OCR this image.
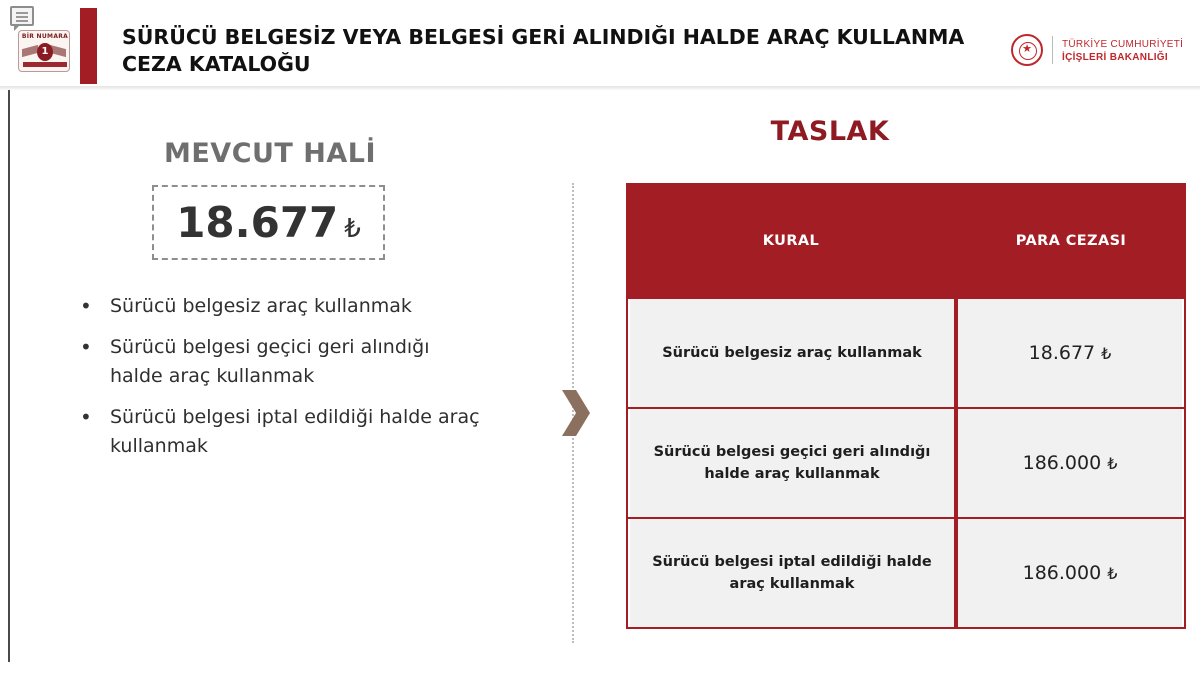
BİR NUMARA
1
SÜRÜCÜ BELGESİZ VEYA BELGESİ GERİ ALINDIĞI HALDE ARAÇ KULLANMA CEZA KATALOĞU
★
TÜRKİYE CUMHURİYETİ
İÇİŞLERİ BAKANLIĞI
MEVCUT HALİ
18.677 ₺
• Sürücü belgesiz araç kullanmak
• Sürücü belgesi geçici geri alındığı halde araç kullanmak
• Sürücü belgesi iptal edildiği halde araç kullanmak
TASLAK
KURAL	PARA CEZASI
Sürücü belgesiz araç kullanmak	18.677 ₺
Sürücü belgesi geçici geri alındığı halde araç kullanmak	186.000 ₺
Sürücü belgesi iptal edildiği halde araç kullanmak	186.000 ₺
